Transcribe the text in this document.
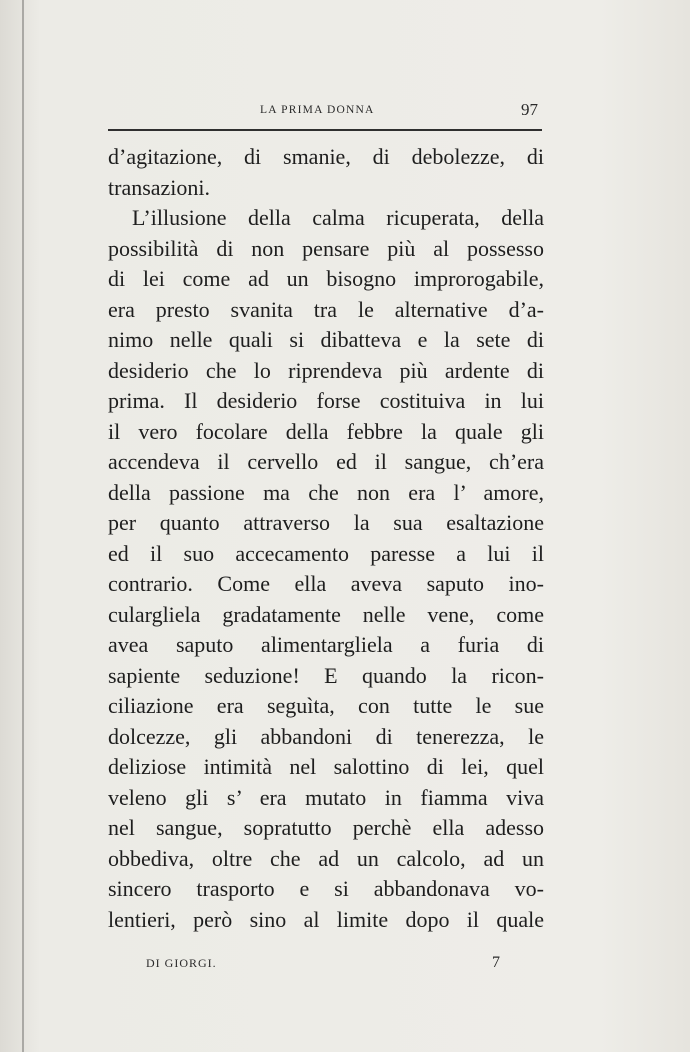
LA PRIMA DONNA	97
d’agitazione, di smanie, di debolezze, di
transazioni.
L’illusione della calma ricuperata, della
possibilità di non pensare più al possesso
di lei come ad un bisogno improrogabile,
era presto svanita tra le alternative d’a-
nimo nelle quali si dibatteva e la sete di
desiderio che lo riprendeva più ardente di
prima. Il desiderio forse costituiva in lui
il vero focolare della febbre la quale gli
accendeva il cervello ed il sangue, ch’era
della passione ma che non era l’ amore,
per quanto attraverso la sua esaltazione
ed il suo accecamento paresse a lui il
contrario. Come ella aveva saputo ino-
culargliela gradatamente nelle vene, come
avea saputo alimentargliela a furia di
sapiente seduzione! E quando la ricon-
ciliazione era seguìta, con tutte le sue
dolcezze, gli abbandoni di tenerezza, le
deliziose intimità nel salottino di lei, quel
veleno gli s’ era mutato in fiamma viva
nel sangue, sopratutto perchè ella adesso
obbediva, oltre che ad un calcolo, ad un
sincero trasporto e si abbandonava vo-
lentieri, però sino al limite dopo il quale
DI GIORGI.	7
